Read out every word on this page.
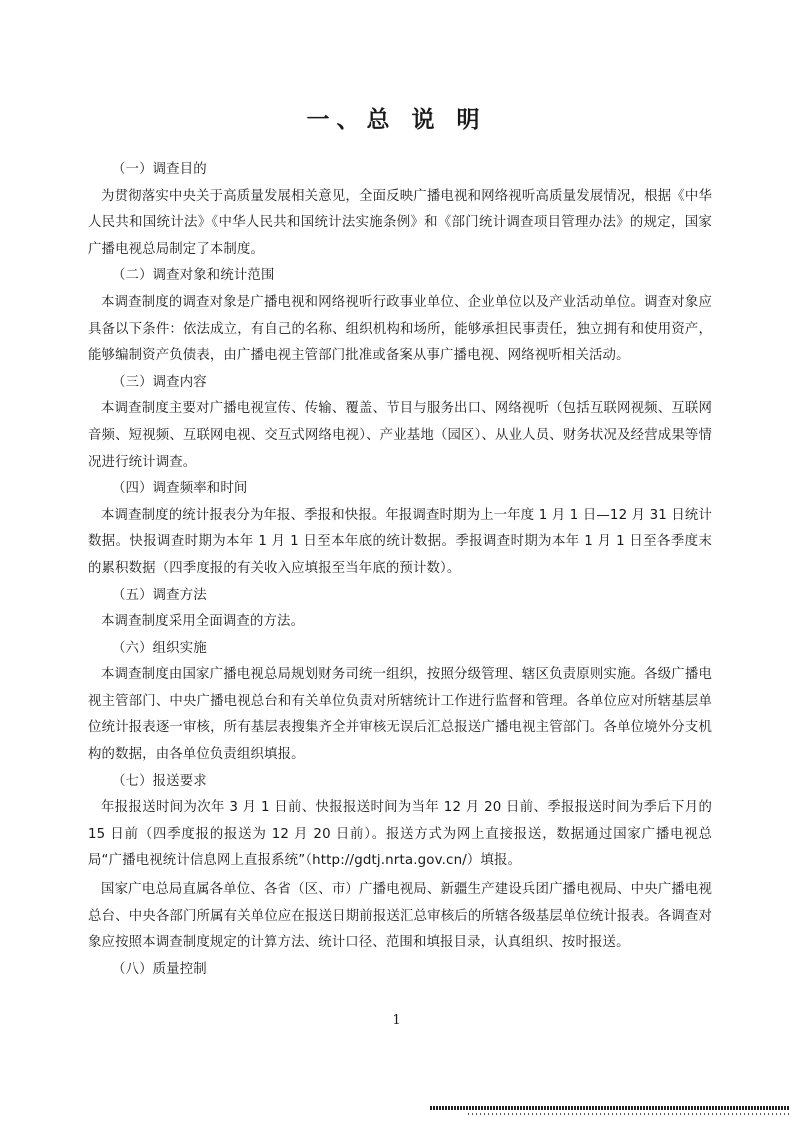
一、总 说 明
（一）调查目的

为贯彻落实中央关于高质量发展相关意见，全面反映广播电视和网络视听高质量发展情况，根据《中华人民共和国统计法》《中华人民共和国统计法实施条例》和《部门统计调查项目管理办法》的规定，国家广播电视总局制定了本制度。

（二）调查对象和统计范围

本调查制度的调查对象是广播电视和网络视听行政事业单位、企业单位以及产业活动单位。调查对象应具备以下条件：依法成立，有自己的名称、组织机构和场所，能够承担民事责任，独立拥有和使用资产，能够编制资产负债表，由广播电视主管部门批准或备案从事广播电视、网络视听相关活动。

（三）调查内容

本调查制度主要对广播电视宣传、传输、覆盖、节目与服务出口、网络视听（包括互联网视频、互联网音频、短视频、互联网电视、交互式网络电视）、产业基地（园区）、从业人员、财务状况及经营成果等情况进行统计调查。

（四）调查频率和时间

本调查制度的统计报表分为年报、季报和快报。年报调查时期为上一年度 1 月 1 日—12 月 31 日统计数据。快报调查时期为本年 1 月 1 日至本年底的统计数据。季报调查时期为本年 1 月 1 日至各季度末的累积数据（四季度报的有关收入应填报至当年底的预计数）。

（五）调查方法

本调查制度采用全面调查的方法。

（六）组织实施

本调查制度由国家广播电视总局规划财务司统一组织，按照分级管理、辖区负责原则实施。各级广播电视主管部门、中央广播电视总台和有关单位负责对所辖统计工作进行监督和管理。各单位应对所辖基层单位统计报表逐一审核，所有基层表搜集齐全并审核无误后汇总报送广播电视主管部门。各单位境外分支机构的数据，由各单位负责组织填报。

（七）报送要求

年报报送时间为次年 3 月 1 日前、快报报送时间为当年 12 月 20 日前、季报报送时间为季后下月的 15 日前（四季度报的报送为 12 月 20 日前）。报送方式为网上直接报送，数据通过国家广播电视总局“广播电视统计信息网上直报系统”（http://gdtj.nrta.gov.cn/）填报。

国家广电总局直属各单位、各省（区、市）广播电视局、新疆生产建设兵团广播电视局、中央广播电视总台、中央各部门所属有关单位应在报送日期前报送汇总审核后的所辖各级基层单位统计报表。各调查对象应按照本调查制度规定的计算方法、统计口径、范围和填报目录，认真组织、按时报送。

（八）质量控制
1
